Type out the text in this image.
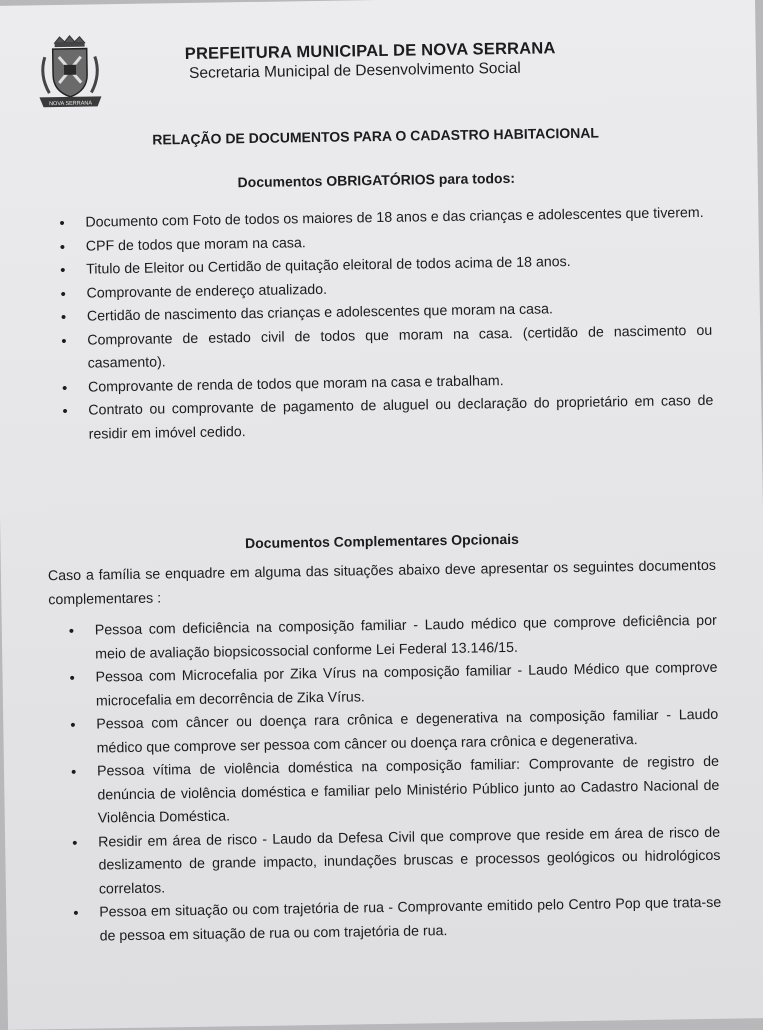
NOVA SERRANA

PREFEITURA MUNICIPAL DE NOVA SERRANA

Secretaria Municipal de Desenvolvimento Social

RELAÇÃO DE DOCUMENTOS PARA O CADASTRO HABITACIONAL
Documentos OBRIGATÓRIOS para todos:
• Documento com Foto de todos os maiores de 18 anos e das crianças e adolescentes que tiverem.
• CPF de todos que moram na casa.
• Titulo de Eleitor ou Certidão de quitação eleitoral de todos acima de 18 anos.
• Comprovante de endereço atualizado.
• Certidão de nascimento das crianças e adolescentes que moram na casa.
• Comprovante de estado civil de todos que moram na casa. (certidão de nascimento ou casamento).
• Comprovante de renda de todos que moram na casa e trabalham.
• Contrato ou comprovante de pagamento de aluguel ou declaração do proprietário em caso de residir em imóvel cedido.
Documentos Complementares Opcionais
Caso a família se enquadre em alguma das situações abaixo deve apresentar os seguintes documentos complementares :
• Pessoa com deficiência na composição familiar - Laudo médico que comprove deficiência por meio de avaliação biopsicossocial conforme Lei Federal 13.146/15.
• Pessoa com Microcefalia por Zika Vírus na composição familiar - Laudo Médico que comprove microcefalia em decorrência de Zika Vírus.
• Pessoa com câncer ou doença rara crônica e degenerativa na composição familiar - Laudo médico que comprove ser pessoa com câncer ou doença rara crônica e degenerativa.
• Pessoa vítima de violência doméstica na composição familiar: Comprovante de registro de denúncia de violência doméstica e familiar pelo Ministério Público junto ao Cadastro Nacional de Violência Doméstica.
• Residir em área de risco - Laudo da Defesa Civil que comprove que reside em área de risco de deslizamento de grande impacto, inundações bruscas e processos geológicos ou hidrológicos correlatos.
• Pessoa em situação ou com trajetória de rua - Comprovante emitido pelo Centro Pop que trata-se de pessoa em situação de rua ou com trajetória de rua.
